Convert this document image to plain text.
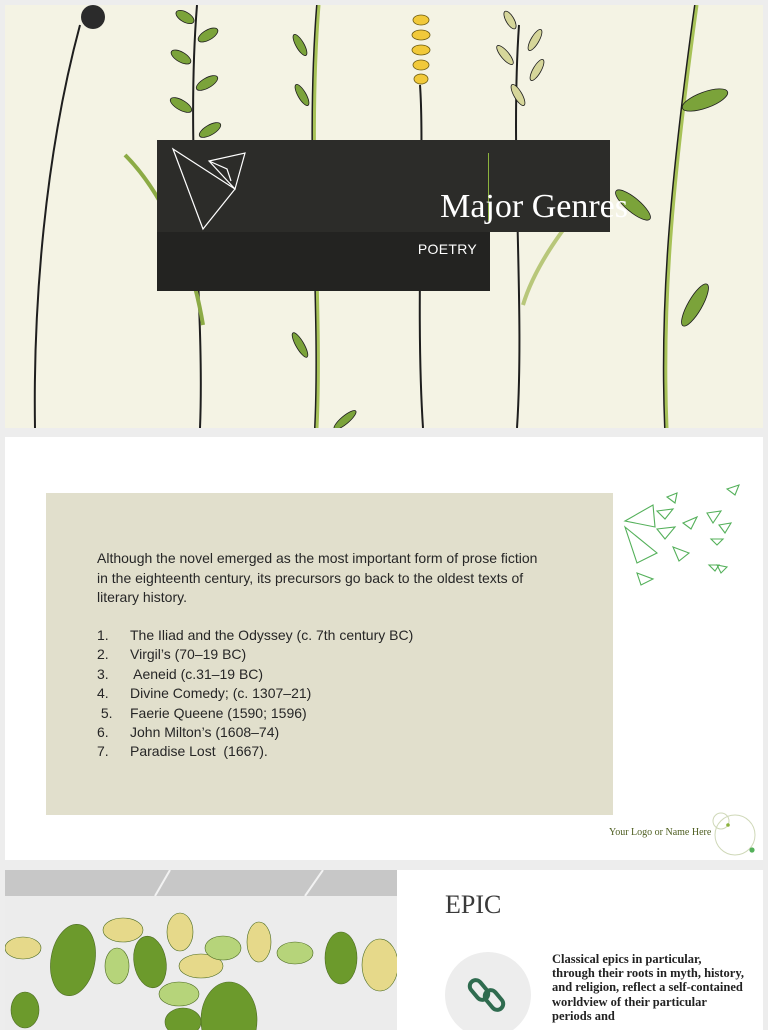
Major Genres
POETRY

Although the novel emerged as the most important form of prose fiction in the eighteenth century, its precursors go back to the oldest texts of literary history.

1. The Iliad and the Odyssey (c. 7th century BC)
2. Virgil’s (70–19 BC)
3. Aeneid (c.31–19 BC)
4. Divine Comedy; (c. 1307–21)
5. Faerie Queene (1590; 1596)
6. John Milton’s (1608–74)
7. Paradise Lost  (1667).
Your Logo or Name Here
EPIC

Classical epics in particular, through their roots in myth, history, and religion, reflect a self-contained worldview of their particular periods and
